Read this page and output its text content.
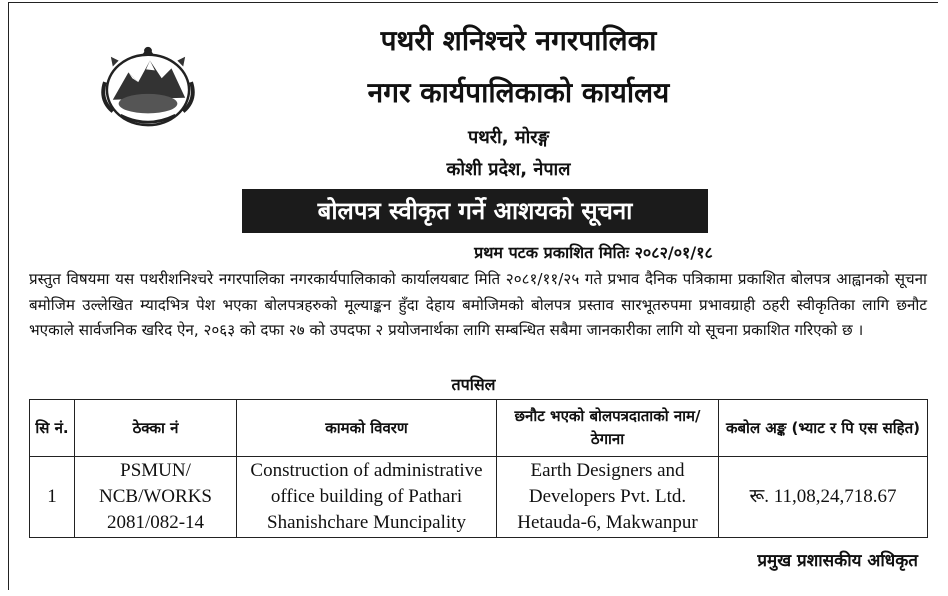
पथरी शनिश्चरे नगरपालिका
नगर कार्यपालिकाको कार्यालय
पथरी, मोरङ्ग
कोशी प्रदेश, नेपाल
बोलपत्र स्वीकृत गर्ने आशयको सूचना
प्रथम पटक प्रकाशित मितिः २०८२/०१/१८

प्रस्तुत विषयमा यस पथरीशनिश्चरे नगरपालिका नगरकार्यपालिकाको कार्यालयबाट मिति २०८१/११/२५ गते प्रभाव दैनिक पत्रिकामा प्रकाशित बोलपत्र आह्वानको सूचना बमोजिम उल्लेखित म्यादभित्र पेश भएका बोलपत्रहरुको मूल्याङ्कन हुँदा देहाय बमोजिमको बोलपत्र प्रस्ताव सारभूतरुपमा प्रभावग्राही ठहरी स्वीकृतिका लागि छनौट भएकाले सार्वजनिक खरिद ऐन, २०६३ को दफा २७ को उपदफा २ प्रयोजनार्थका लागि सम्बन्धित सबैमा जानकारीका लागि यो सूचना प्रकाशित गरिएको छ ।

तपसिल
सि नं.	ठेक्का नं	कामको विवरण	छनौट भएको बोलपत्रदाताको नाम/ठेगाना	कबोल अङ्क (भ्याट र पि एस सहित)
1	PSMUN/ NCB/WORKS 2081/082-14	Construction of administrative office building of Pathari Shanishchare Muncipality	Earth Designers and Developers Pvt. Ltd. Hetauda-6, Makwanpur	रू. 11,08,24,718.67
प्रमुख प्रशासकीय अधिकृत
